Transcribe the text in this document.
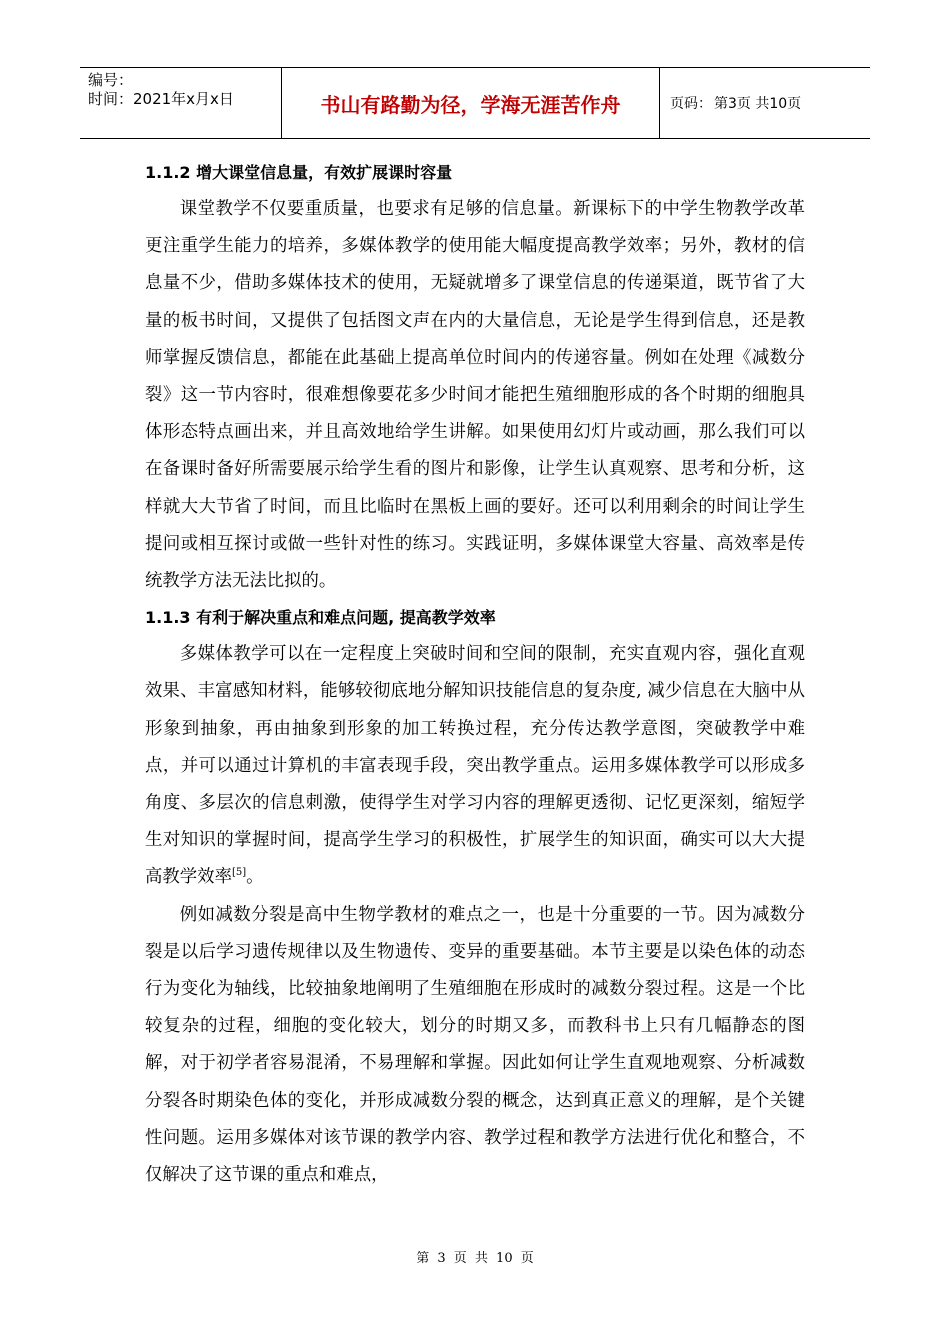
编号：
时间：2021年x月x日	书山有路勤为径，学海无涯苦作舟	页码： 第3页 共10页
1.1.2 增大课堂信息量，有效扩展课时容量

课堂教学不仅要重质量，也要求有足够的信息量。新课标下的中学生物教学改革更注重学生能力的培养，多媒体教学的使用能大幅度提高教学效率；另外，教材的信息量不少，借助多媒体技术的使用，无疑就增多了课堂信息的传递渠道，既节省了大量的板书时间，又提供了包括图文声在内的大量信息，无论是学生得到信息，还是教师掌握反馈信息，都能在此基础上提高单位时间内的传递容量。例如在处理《减数分裂》这一节内容时，很难想像要花多少时间才能把生殖细胞形成的各个时期的细胞具体形态特点画出来，并且高效地给学生讲解。如果使用幻灯片或动画，那么我们可以在备课时备好所需要展示给学生看的图片和影像，让学生认真观察、思考和分析，这样就大大节省了时间，而且比临时在黑板上画的要好。还可以利用剩余的时间让学生提问或相互探讨或做一些针对性的练习。实践证明，多媒体课堂大容量、高效率是传统教学方法无法比拟的。

1.1.3 有利于解决重点和难点问题, 提高教学效率

多媒体教学可以在一定程度上突破时间和空间的限制，充实直观内容，强化直观效果、丰富感知材料，能够较彻底地分解知识技能信息的复杂度, 减少信息在大脑中从形象到抽象，再由抽象到形象的加工转换过程，充分传达教学意图，突破教学中难点，并可以通过计算机的丰富表现手段，突出教学重点。运用多媒体教学可以形成多角度、多层次的信息刺激，使得学生对学习内容的理解更透彻、记忆更深刻，缩短学生对知识的掌握时间，提高学生学习的积极性，扩展学生的知识面，确实可以大大提高教学效率[5]。

例如减数分裂是高中生物学教材的难点之一，也是十分重要的一节。因为减数分裂是以后学习遗传规律以及生物遗传、变异的重要基础。本节主要是以染色体的动态行为变化为轴线，比较抽象地阐明了生殖细胞在形成时的减数分裂过程。这是一个比较复杂的过程，细胞的变化较大，划分的时期又多，而教科书上只有几幅静态的图解，对于初学者容易混淆，不易理解和掌握。因此如何让学生直观地观察、分析减数分裂各时期染色体的变化，并形成减数分裂的概念，达到真正意义的理解，是个关键性问题。运用多媒体对该节课的教学内容、教学过程和教学方法进行优化和整合，不仅解决了这节课的重点和难点，

第 3 页 共 10 页
